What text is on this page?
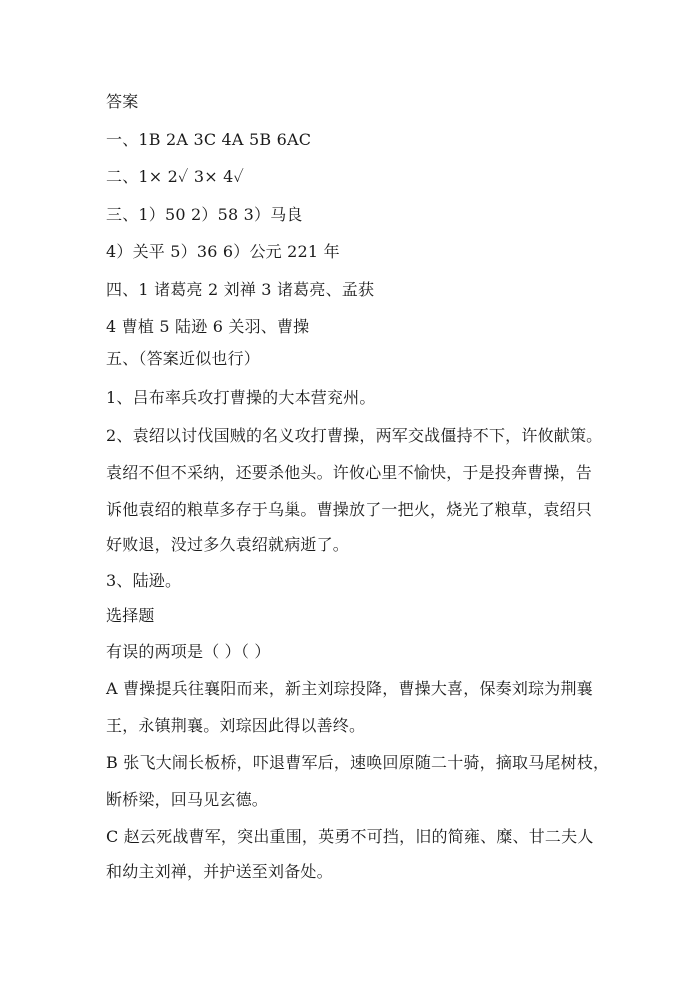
答案
一、1B 2A 3C 4A 5B 6AC
二、1× 2✓ 3× 4✓
三、1）50 2）58 3）马良
4）关平 5）36 6）公元 221 年
四、1 诸葛亮 2 刘禅 3 诸葛亮、孟获
4 曹植 5 陆逊 6 关羽、曹操
五、（答案近似也行）
1、吕布率兵攻打曹操的大本营兖州。
2、袁绍以讨伐国贼的名义攻打曹操，两军交战僵持不下，许攸献策。
袁绍不但不采纳，还要杀他头。许攸心里不愉快，于是投奔曹操，告
诉他袁绍的粮草多存于乌巢。曹操放了一把火，烧光了粮草，袁绍只
好败退，没过多久袁绍就病逝了。
3、陆逊。
选择题
有误的两项是（ ）（ ）
A 曹操提兵往襄阳而来，新主刘琮投降，曹操大喜，保奏刘琮为荆襄
王，永镇荆襄。刘琮因此得以善终。
B 张飞大闹长板桥，吓退曹军后，速唤回原随二十骑，摘取马尾树枝，
断桥梁，回马见玄德。
C 赵云死战曹军，突出重围，英勇不可挡，旧的简雍、糜、甘二夫人
和幼主刘禅，并护送至刘备处。
